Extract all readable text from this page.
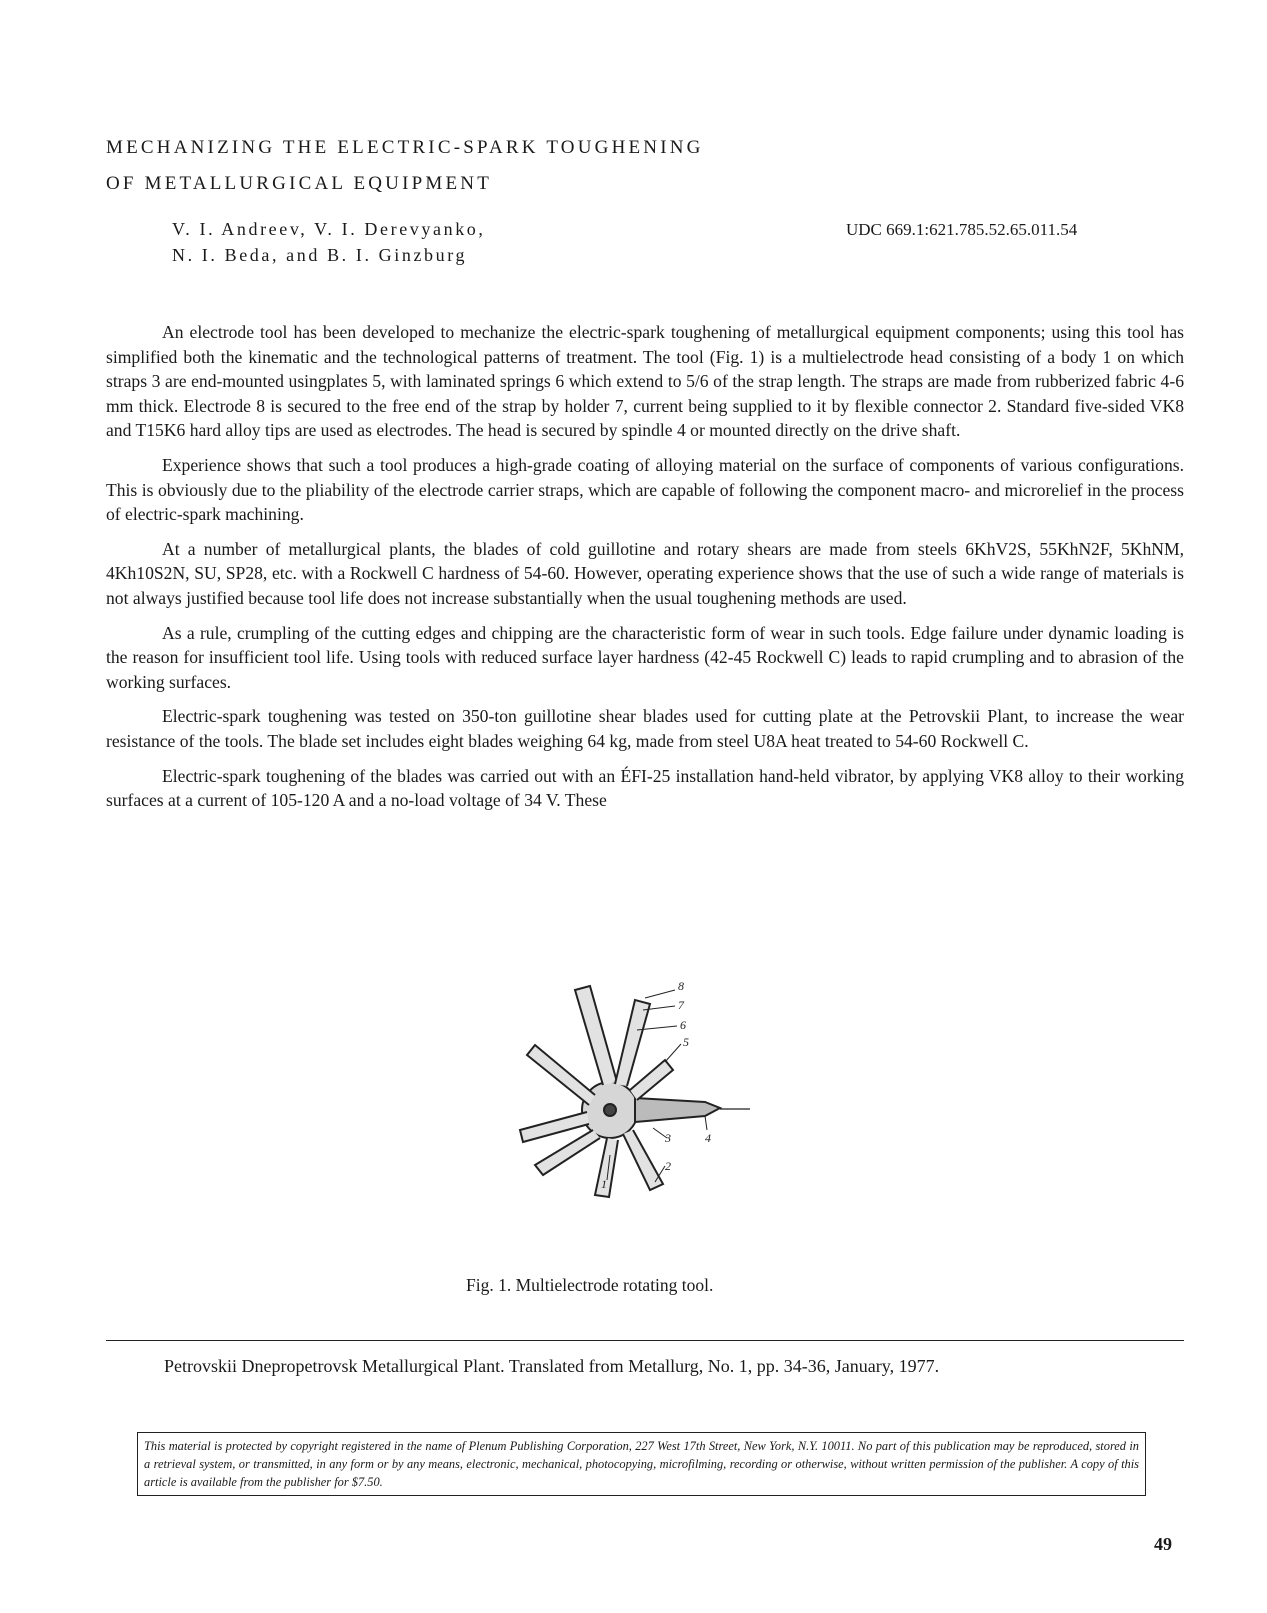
MECHANIZING THE ELECTRIC-SPARK TOUGHENING
OF METALLURGICAL EQUIPMENT
V. I. Andreev, V. I. Derevyanko,
N. I. Beda, and B. I. Ginzburg
UDC 669.1:621.785.52.65.011.54

An electrode tool has been developed to mechanize the electric-spark toughening of metallurgical equipment components; using this tool has simplified both the kinematic and the technological patterns of treatment. The tool (Fig. 1) is a multielectrode head consisting of a body 1 on which straps 3 are end-mounted usingplates 5, with laminated springs 6 which extend to 5/6 of the strap length. The straps are made from rubberized fabric 4-6 mm thick. Electrode 8 is secured to the free end of the strap by holder 7, current being supplied to it by flexible connector 2. Standard five-sided VK8 and T15K6 hard alloy tips are used as electrodes. The head is secured by spindle 4 or mounted directly on the drive shaft.

Experience shows that such a tool produces a high-grade coating of alloying material on the surface of components of various configurations. This is obviously due to the pliability of the electrode carrier straps, which are capable of following the component macro- and microrelief in the process of electric-spark machining.

At a number of metallurgical plants, the blades of cold guillotine and rotary shears are made from steels 6KhV2S, 55KhN2F, 5KhNM, 4Kh10S2N, SU, SP28, etc. with a Rockwell C hardness of 54-60. However, operating experience shows that the use of such a wide range of materials is not always justified because tool life does not increase substantially when the usual toughening methods are used.

As a rule, crumpling of the cutting edges and chipping are the characteristic form of wear in such tools. Edge failure under dynamic loading is the reason for insufficient tool life. Using tools with reduced surface layer hardness (42-45 Rockwell C) leads to rapid crumpling and to abrasion of the working surfaces.

Electric-spark toughening was tested on 350-ton guillotine shear blades used for cutting plate at the Petrovskii Plant, to increase the wear resistance of the tools. The blade set includes eight blades weighing 64 kg, made from steel U8A heat treated to 54-60 Rockwell C.

Electric-spark toughening of the blades was carried out with an ÉFI-25 installation hand-held vibrator, by applying VK8 alloy to their working surfaces at a current of 105-120 A and a no-load voltage of 34 V. These

8
7
6
5
4
3
2
1
Fig. 1. Multielectrode rotating tool.
Petrovskii Dnepropetrovsk Metallurgical Plant. Translated from Metallurg, No. 1, pp. 34-36, January, 1977.
This material is protected by copyright registered in the name of Plenum Publishing Corporation, 227 West 17th Street, New York, N.Y. 10011. No part of this publication may be reproduced, stored in a retrieval system, or transmitted, in any form or by any means, electronic, mechanical, photocopying, microfilming, recording or otherwise, without written permission of the publisher. A copy of this article is available from the publisher for $7.50.
49
